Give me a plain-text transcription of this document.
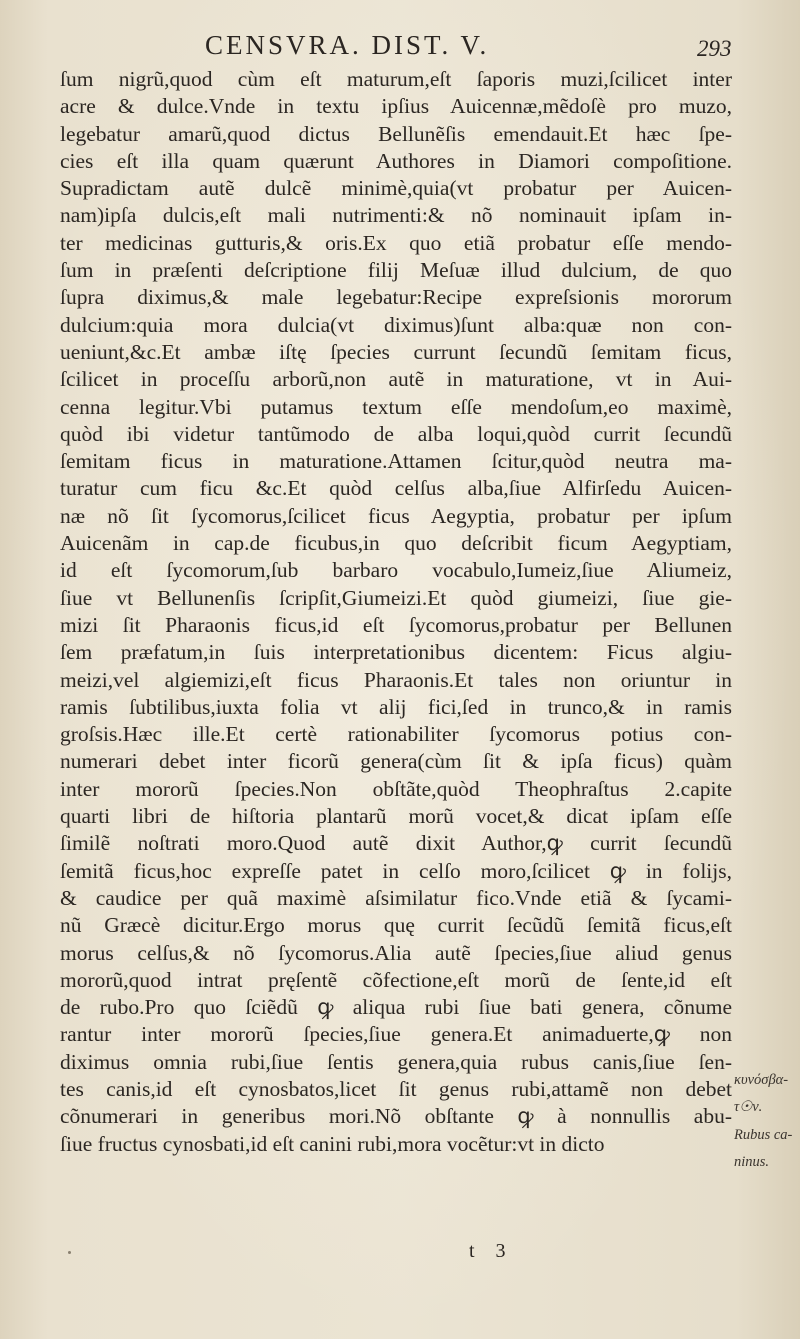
CENSVRA. DIST. V.	293
ſum nigrũ,quod cùm eſt maturum,eſt ſaporis muzi,ſcilicet inter
acre & dulce.Vnde in textu ipſius Auicennæ,mẽdoſè pro muzo,
legebatur amarũ,quod dictus Bellunẽſis emendauit.Et hæc ſpe-
cies eſt illa quam quærunt Authores in Diamori compoſitione.
Supradictam autẽ dulcẽ minimè,quia(vt probatur per Auicen-
nam)ipſa dulcis,eſt mali nutrimenti:& nõ nominauit ipſam in-
ter medicinas gutturis,& oris.Ex quo etiã probatur eſſe mendo-
ſum in præſenti deſcriptione filij Meſuæ illud dulcium, de quo
ſupra diximus,& male legebatur:Recipe expreſsionis mororum
dulcium:quia mora dulcia(vt diximus)ſunt alba:quæ non con-
ueniunt,&c.Et ambæ iſtę ſpecies currunt ſecundũ ſemitam ficus,
ſcilicet in proceſſu arborũ,non autẽ in maturatione, vt in Aui-
cenna legitur.Vbi putamus textum eſſe mendoſum,eo maximè,
quòd ibi videtur tantũmodo de alba loqui,quòd currit ſecundũ
ſemitam ficus in maturatione.Attamen ſcitur,quòd neutra ma-
turatur cum ficu &c.Et quòd celſus alba,ſiue Alfirſedu Auicen-
næ nõ ſit ſycomorus,ſcilicet ficus Aegyptia, probatur per ipſum
Auicenãm in cap.de ficubus,in quo deſcribit ficum Aegyptiam,
id eſt ſycomorum,ſub barbaro vocabulo,Iumeiz,ſiue Aliumeiz,
ſiue vt Bellunenſis ſcripſit,Giumeizi.Et quòd giumeizi, ſiue gie-
mizi ſit Pharaonis ficus,id eſt ſycomorus,probatur per Bellunen
ſem præfatum,in ſuis interpretationibus dicentem: Ficus algiu-
meizi,vel algiemizi,eſt ficus Pharaonis.Et tales non oriuntur in
ramis ſubtilibus,iuxta folia vt alij fici,ſed in trunco,& in ramis
groſsis.Hæc ille.Et certè rationabiliter ſycomorus potius con-
numerari debet inter ficorũ genera(cùm ſit & ipſa ficus) quàm
inter mororũ ſpecies.Non obſtãte,quòd Theophraſtus 2.capite
quarti libri de hiſtoria plantarũ morũ vocet,& dicat ipſam eſſe
ſimilẽ noſtrati moro.Quod autẽ dixit Author,ꝙ currit ſecundũ
ſemitã ficus,hoc expreſſe patet in celſo moro,ſcilicet ꝙ in folijs,
& caudice per quã maximè aſsimilatur fico.Vnde etiã & ſycami-
nũ Græcè dicitur.Ergo morus quę currit ſecũdũ ſemitã ficus,eſt
morus celſus,& nõ ſycomorus.Alia autẽ ſpecies,ſiue aliud genus
mororũ,quod intrat pręſentẽ cõfectione,eſt morũ de ſente,id eſt
de rubo.Pro quo ſciẽdũ ꝙ aliqua rubi ſiue bati genera, cõnume
rantur inter mororũ ſpecies,ſiue genera.Et animaduerte,ꝙ non
diximus omnia rubi,ſiue ſentis genera,quia rubus canis,ſiue ſen-
tes canis,id eſt cynosbatos,licet ſit genus rubi,attamẽ non debet
cõnumerari in generibus mori.Nõ obſtante ꝙ à nonnullis abu-
ſiue fructus cynosbati,id eſt canini rubi,mora vocẽtur:vt in dicto
κυνόσβα-
τ☉ν.
Rubus ca-
ninus.
t 3
